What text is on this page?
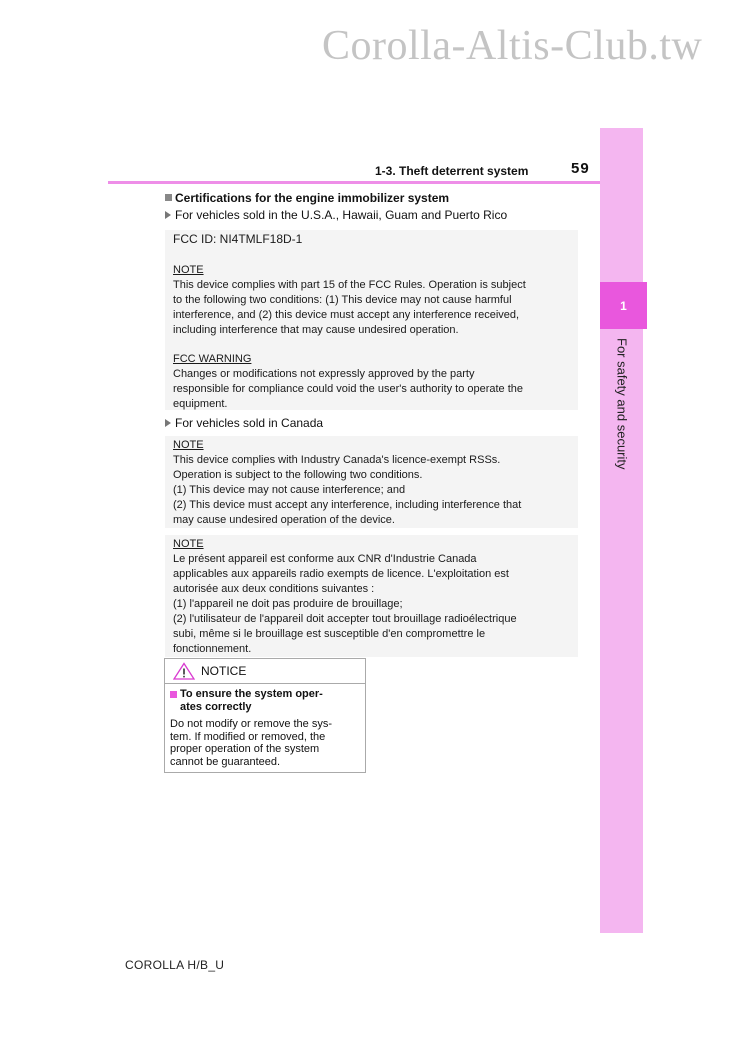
Corolla-Altis-Club.tw
1
For safety and security
1-3. Theft deterrent system	59
Certifications for the engine immobilizer system
For vehicles sold in the U.S.A., Hawaii, Guam and Puerto Rico

FCC ID: NI4TMLF18D-1

NOTE

This device complies with part 15 of the FCC Rules. Operation is subject

to the following two conditions: (1) This device may not cause harmful

interference, and (2) this device must accept any interference received,

including interference that may cause undesired operation.

FCC WARNING

Changes or modifications not expressly approved by the party

responsible for compliance could void the user's authority to operate the

equipment.

For vehicles sold in Canada

NOTE

This device complies with Industry Canada's licence-exempt RSSs.

Operation is subject to the following two conditions.

(1) This device may not cause interference; and

(2) This device must accept any interference, including interference that

may cause undesired operation of the device.

NOTE

Le présent appareil est conforme aux CNR d'Industrie Canada

applicables aux appareils radio exempts de licence. L'exploitation est

autorisée aux deux conditions suivantes :

(1) l'appareil ne doit pas produire de brouillage;

(2) l'utilisateur de l'appareil doit accepter tout brouillage radioélectrique

subi, même si le brouillage est susceptible d'en compromettre le

fonctionnement.

NOTICE
To ensure the system oper-
ates correctly
Do not modify or remove the sys-
tem. If modified or removed, the
proper operation of the system
cannot be guaranteed.
COROLLA H/B_U
